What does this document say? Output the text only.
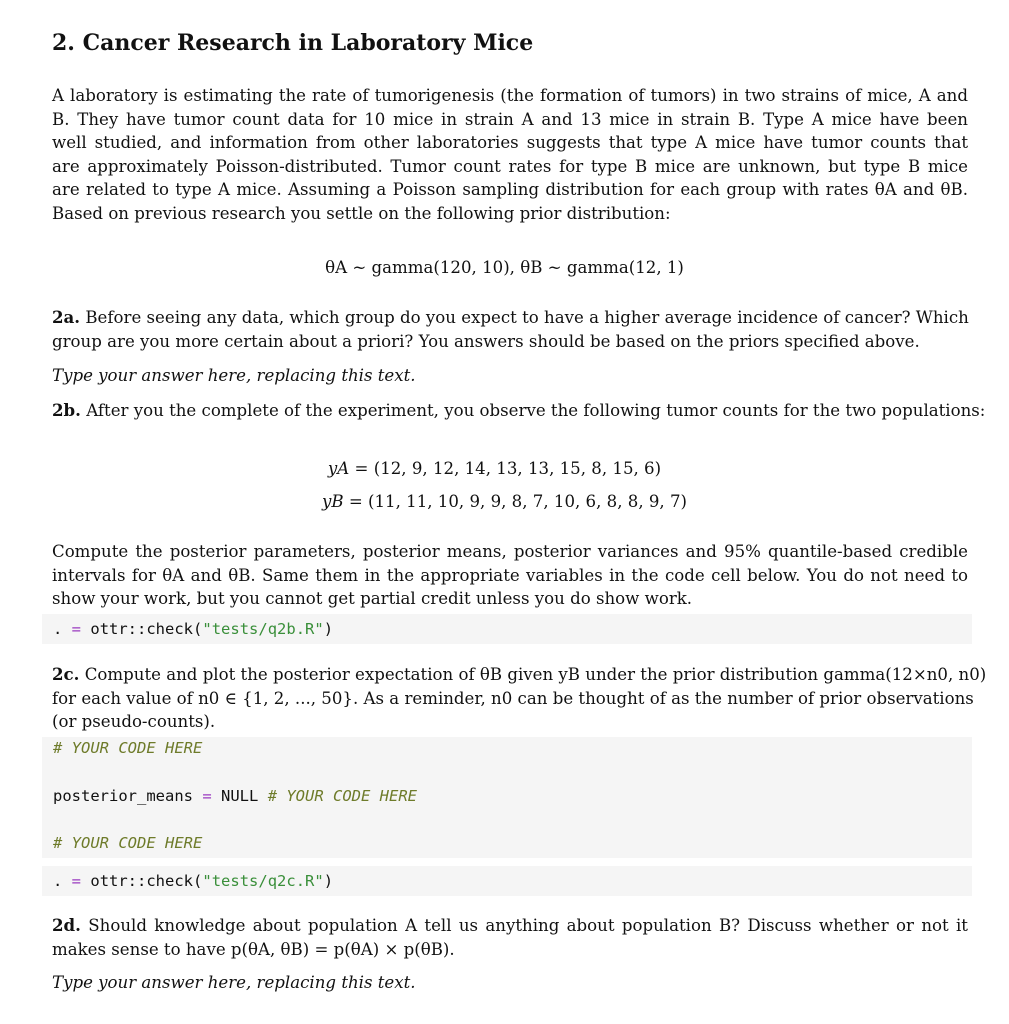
2. Cancer Research in Laboratory Mice
A laboratory is estimating the rate of tumorigenesis (the formation of tumors) in two strains of mice, A and
B. They have tumor count data for 10 mice in strain A and 13 mice in strain B. Type A mice have been
well studied, and information from other laboratories suggests that type A mice have tumor counts that
are approximately Poisson-distributed. Tumor count rates for type B mice are unknown, but type B mice
are related to type A mice. Assuming a Poisson sampling distribution for each group with rates θA and θB.
Based on previous research you settle on the following prior distribution:
θA ~ gamma(120, 10), θB ~ gamma(12, 1)
2a. Before seeing any data, which group do you expect to have a higher average incidence of cancer? Which
group are you more certain about a priori? You answers should be based on the priors specified above.
Type your answer here, replacing this text.
2b. After you the complete of the experiment, you observe the following tumor counts for the two populations:
yA = (12, 9, 12, 14, 13, 13, 15, 8, 15, 6)
yB = (11, 11, 10, 9, 9, 8, 7, 10, 6, 8, 8, 9, 7)
Compute the posterior parameters, posterior means, posterior variances and 95% quantile-based credible
intervals for θA and θB. Same them in the appropriate variables in the code cell below. You do not need to
show your work, but you cannot get partial credit unless you do show work.
. = ottr::check("tests/q2b.R")
2c. Compute and plot the posterior expectation of θB given yB under the prior distribution gamma(12×n0, n0)
for each value of n0 ∈ {1, 2, ..., 50}. As a reminder, n0 can be thought of as the number of prior observations
(or pseudo-counts).
# YOUR CODE HERE
posterior_means = NULL # YOUR CODE HERE
# YOUR CODE HERE
. = ottr::check("tests/q2c.R")
2d. Should knowledge about population A tell us anything about population B? Discuss whether or not it
makes sense to have p(θA, θB) = p(θA) × p(θB).
Type your answer here, replacing this text.
